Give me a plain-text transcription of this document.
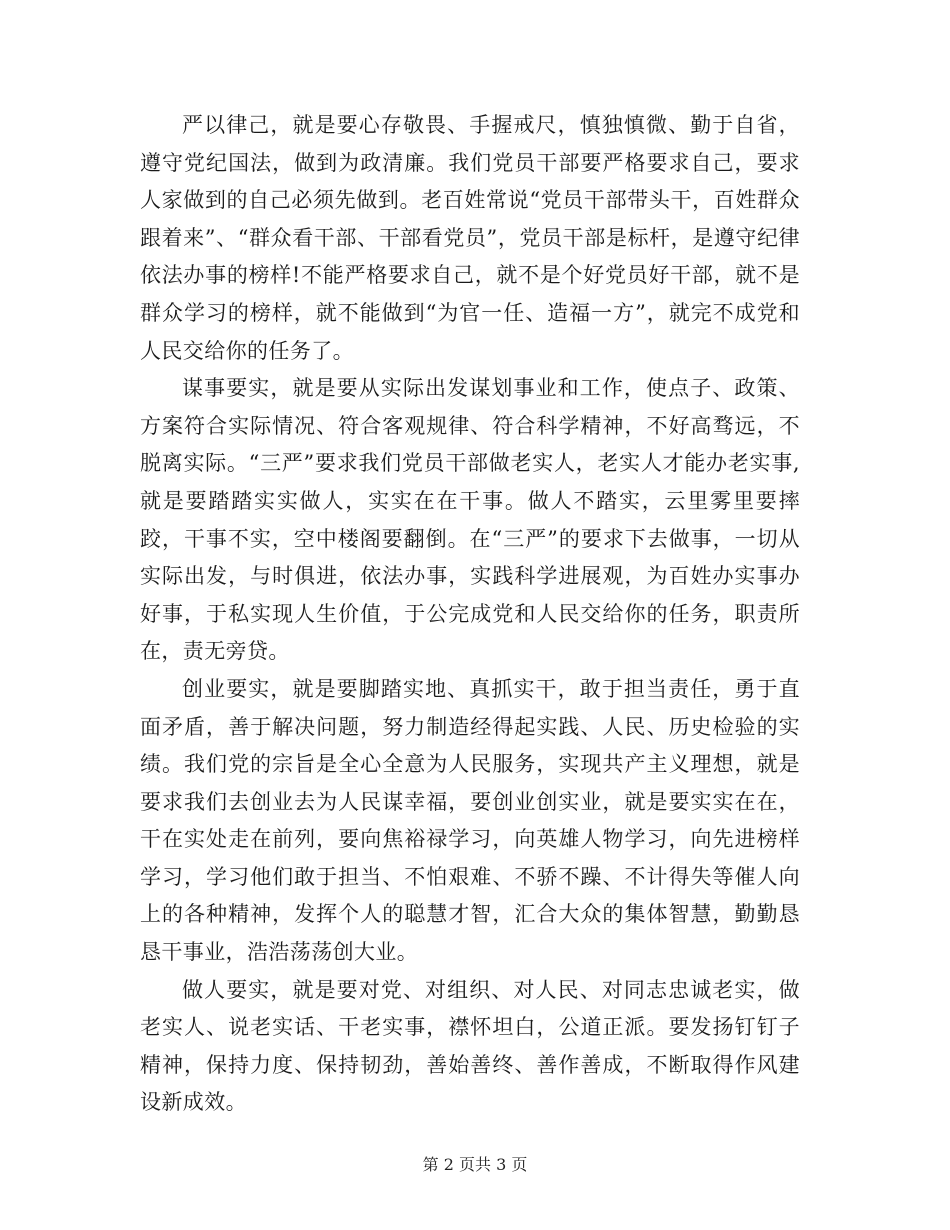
严以律己，就是要心存敬畏、手握戒尺，慎独慎微、勤于自省，遵守党纪国法，做到为政清廉。我们党员干部要严格要求自己，要求人家做到的自己必须先做到。老百姓常说“党员干部带头干，百姓群众跟着来”、“群众看干部、干部看党员”，党员干部是标杆，是遵守纪律依法办事的榜样!不能严格要求自己，就不是个好党员好干部，就不是群众学习的榜样，就不能做到“为官一任、造福一方”，就完不成党和人民交给你的任务了。

谋事要实，就是要从实际出发谋划事业和工作，使点子、政策、方案符合实际情况、符合客观规律、符合科学精神，不好高骛远，不脱离实际。“三严”要求我们党员干部做老实人，老实人才能办老实事,就是要踏踏实实做人，实实在在干事。做人不踏实，云里雾里要摔跤，干事不实，空中楼阁要翻倒。在“三严”的要求下去做事，一切从实际出发，与时俱进，依法办事，实践科学进展观，为百姓办实事办好事，于私实现人生价值，于公完成党和人民交给你的任务，职责所在，责无旁贷。

创业要实，就是要脚踏实地、真抓实干，敢于担当责任，勇于直面矛盾，善于解决问题，努力制造经得起实践、人民、历史检验的实绩。我们党的宗旨是全心全意为人民服务，实现共产主义理想，就是要求我们去创业去为人民谋幸福，要创业创实业，就是要实实在在，干在实处走在前列，要向焦裕禄学习，向英雄人物学习，向先进榜样学习，学习他们敢于担当、不怕艰难、不骄不躁、不计得失等催人向上的各种精神，发挥个人的聪慧才智，汇合大众的集体智慧，勤勤恳恳干事业，浩浩荡荡创大业。

做人要实，就是要对党、对组织、对人民、对同志忠诚老实，做老实人、说老实话、干老实事，襟怀坦白，公道正派。要发扬钉钉子精神，保持力度、保持韧劲，善始善终、善作善成，不断取得作风建设新成效。

第 2 页共 3 页
